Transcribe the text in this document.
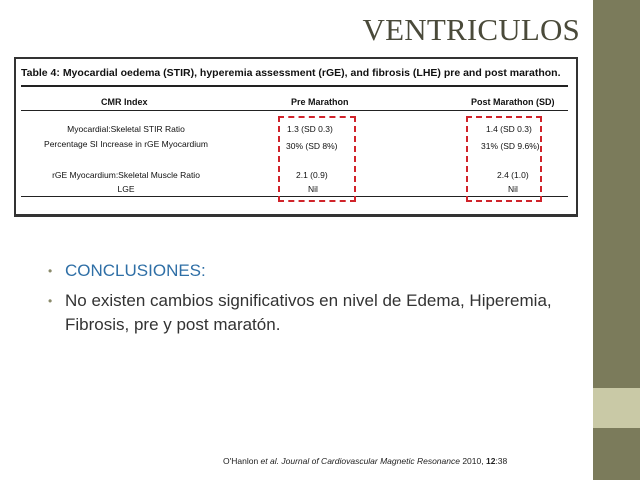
VENTRICULOS
Table 4: Myocardial oedema (STIR), hyperemia assessment (rGE), and fibrosis (LHE) pre and post marathon.
CMR Index	Pre Marathon	Post Marathon (SD)
Myocardial:Skeletal STIR Ratio	1.3 (SD 0.3)	1.4 (SD 0.3)
Percentage SI Increase in rGE Myocardium	30% (SD 8%)	31% (SD 9.6%)
rGE Myocardium:Skeletal Muscle Ratio	2.1 (0.9)	2.4 (1.0)
LGE	Nil	Nil
• CONCLUSIONES:
• No existen cambios significativos en nivel de Edema, Hiperemia, Fibrosis, pre y post maratón.
O'Hanlon et al. Journal of Cardiovascular Magnetic Resonance 2010, 12:38
